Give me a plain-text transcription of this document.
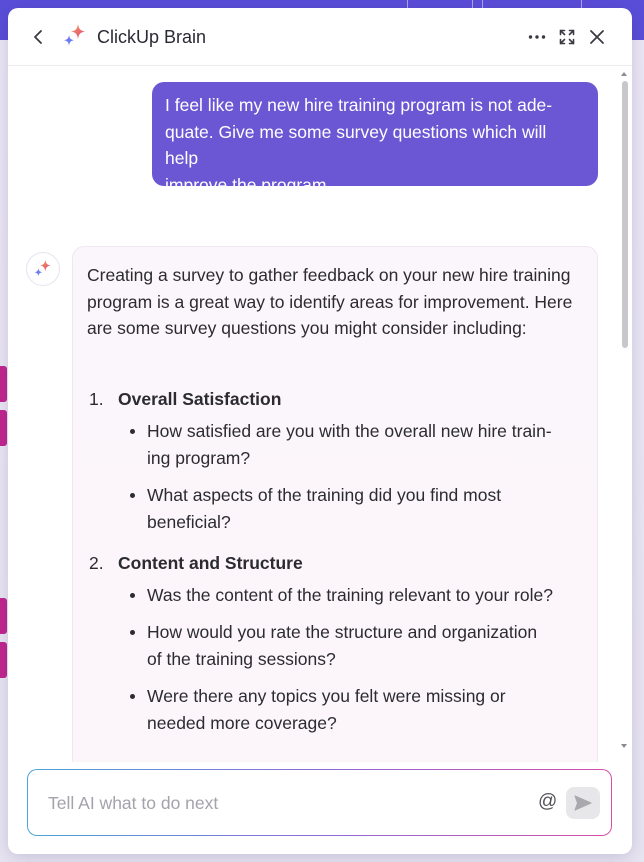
ClickUp Brain
I feel like my new hire training program is not ade-
quate. Give me some survey questions which will help
improve the program.
Creating a survey to gather feedback on your new hire training
program is a great way to identify areas for improvement. Here
are some survey questions you might consider including:
1. Overall Satisfaction
How satisfied are you with the overall new hire train-
ing program?
What aspects of the training did you find most
beneficial?
2. Content and Structure
Was the content of the training relevant to your role?
How would you rate the structure and organization
of the training sessions?
Were there any topics you felt were missing or
needed more coverage?
Tell AI what to do next
@
